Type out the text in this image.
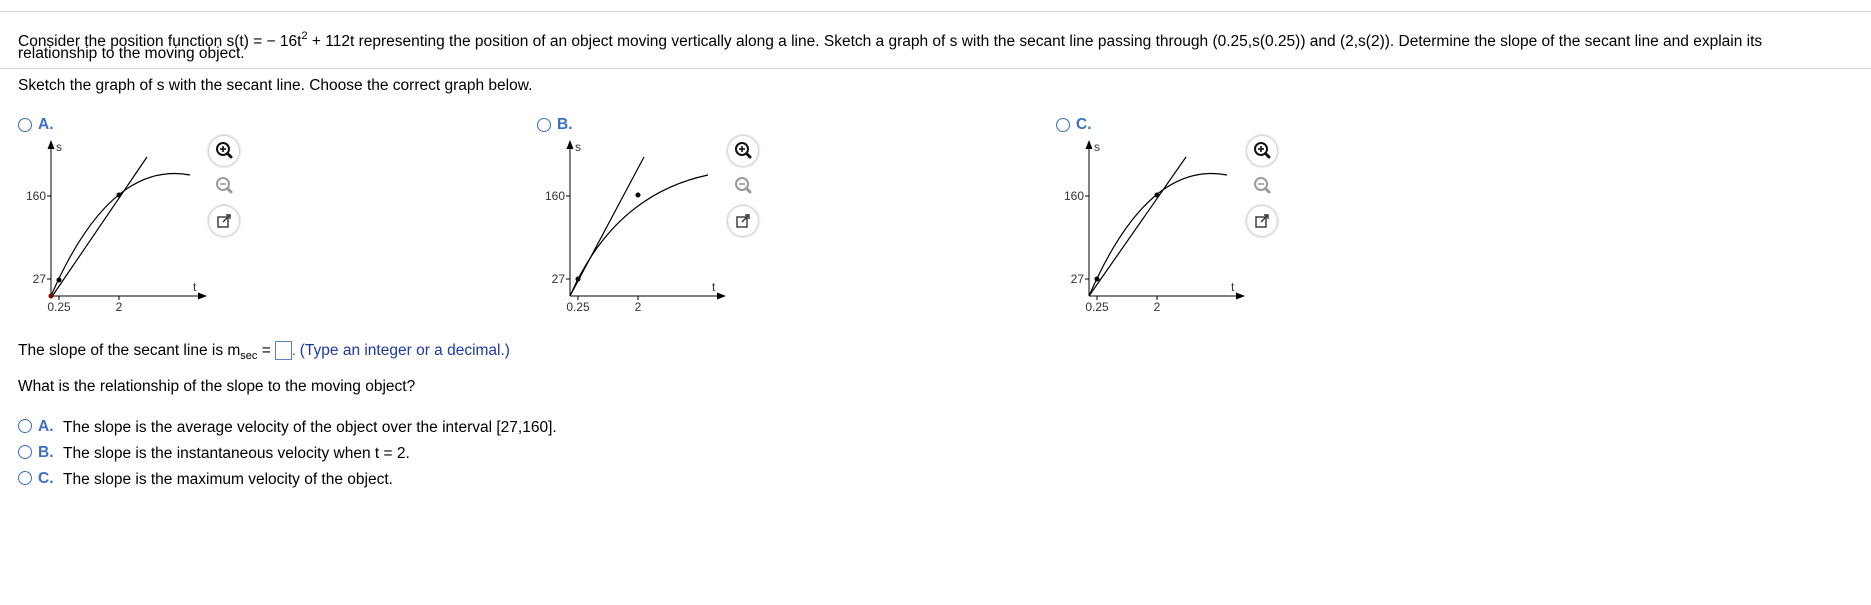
Consider the position function s(t) = − $16t^2 + 112t$ representing the position of an object moving vertically along a line. Sketch a graph of s with the secant line passing through (0.25,s(0.25)) and (2,s(2)). Determine the slope of the secant line and explain its
relationship to the moving object.
Sketch the graph of s with the secant line. Choose the correct graph below.
A.	B.	C.
s
t
160
27
0.25	2
s
t
160
27
0.25	2
s
t
160
27
0.25	2
The slope of the secant line is $m_{sec}$ = . (Type an integer or a decimal.)
What is the relationship of the slope to the moving object?
A. The slope is the average velocity of the object over the interval [27,160].
B. The slope is the instantaneous velocity when t = 2.
C. The slope is the maximum velocity of the object.
